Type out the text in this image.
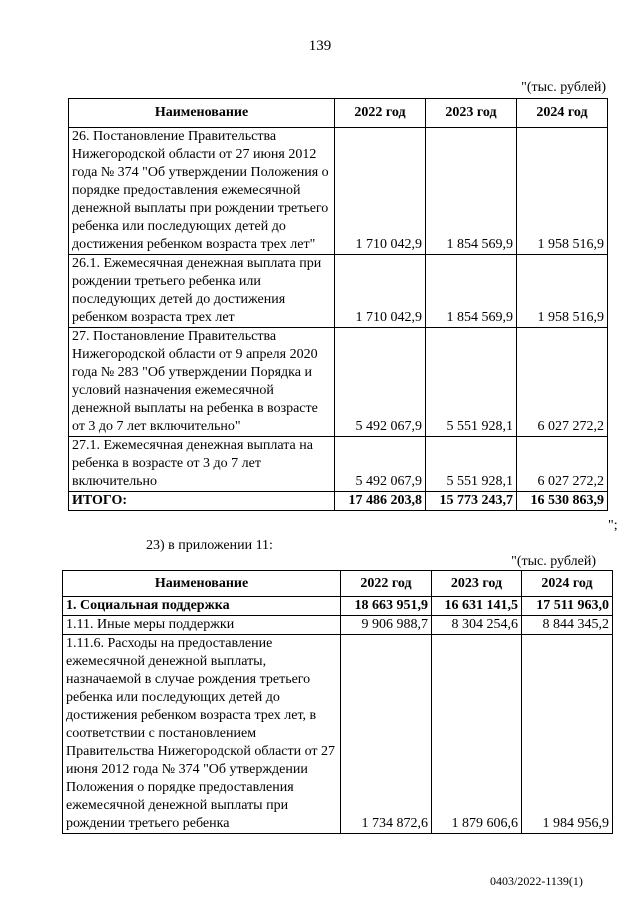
139
"(тыс. рублей)
Наименование	2022 год	2023 год	2024 год
26. Постановление Правительства Нижегородской области от 27 июня 2012 года № 374 "Об утверждении Положения о порядке предоставления ежемесячной денежной выплаты при рождении третьего ребенка или последующих детей до достижения ребенком возраста трех лет"	1 710 042,9	1 854 569,9	1 958 516,9
26.1. Ежемесячная денежная выплата при рождении третьего ребенка или последующих детей до достижения ребенком возраста трех лет	1 710 042,9	1 854 569,9	1 958 516,9
27. Постановление Правительства Нижегородской области от 9 апреля 2020 года № 283 "Об утверждении Порядка и условий назначения ежемесячной денежной выплаты на ребенка в возрасте от 3 до 7 лет включительно"	5 492 067,9	5 551 928,1	6 027 272,2
27.1. Ежемесячная денежная выплата на ребенка в возрасте от 3 до 7 лет включительно	5 492 067,9	5 551 928,1	6 027 272,2
ИТОГО:	17 486 203,8	15 773 243,7	16 530 863,9
";
23) в приложении 11:
"(тыс. рублей)
Наименование	2022 год	2023 год	2024 год
1. Социальная поддержка	18 663 951,9	16 631 141,5	17 511 963,0
1.11. Иные меры поддержки	9 906 988,7	8 304 254,6	8 844 345,2
1.11.6. Расходы на предоставление ежемесячной денежной выплаты, назначаемой в случае рождения третьего ребенка или последующих детей до достижения ребенком возраста трех лет, в соответствии с постановлением Правительства Нижегородской области от 27 июня 2012 года № 374 "Об утверждении Положения о порядке предоставления ежемесячной денежной выплаты при рождении третьего ребенка	1 734 872,6	1 879 606,6	1 984 956,9
0403/2022-1139(1)
